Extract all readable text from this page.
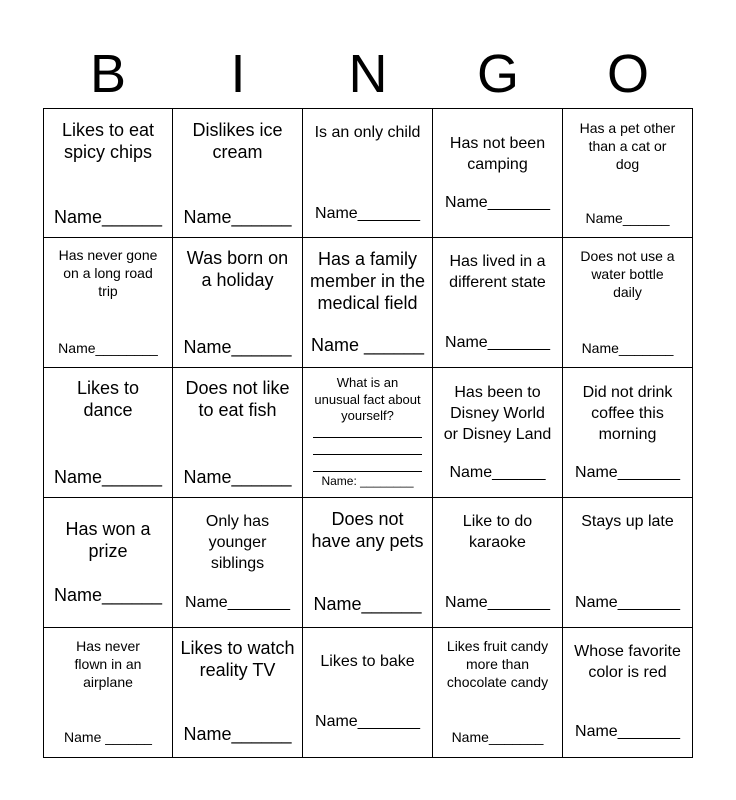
B	I	N	G	O
Likes to eat
spicy chips
Name______
Dislikes ice
cream
Name______
Is an only child
Name_______
Has not been
camping
Name_______
Has a pet other
than a cat or
dog
Name______
Has never gone
on a long road
trip
Name________
Was born on
a holiday
Name______
Has a family
member in the
medical field
Name ______
Has lived in a
different state
Name_______
Does not use a
water bottle
daily
Name_______
Likes to
dance
Name______
Does not like
to eat fish
Name______
What is an
unusual fact about
yourself?
Name: ________
Has been to
Disney World
or Disney Land
Name______
Did not drink
coffee this
morning
Name_______
Has won a
prize
Name______
Only has
younger
siblings
Name_______
Does not
have any pets
Name______
Like to do
karaoke
Name_______
Stays up late
Name_______
Has never
flown in an
airplane
Name ______
Likes to watch
reality TV
Name______
Likes to bake
Name_______
Likes fruit candy
more than
chocolate candy
Name_______
Whose favorite
color is red
Name_______
